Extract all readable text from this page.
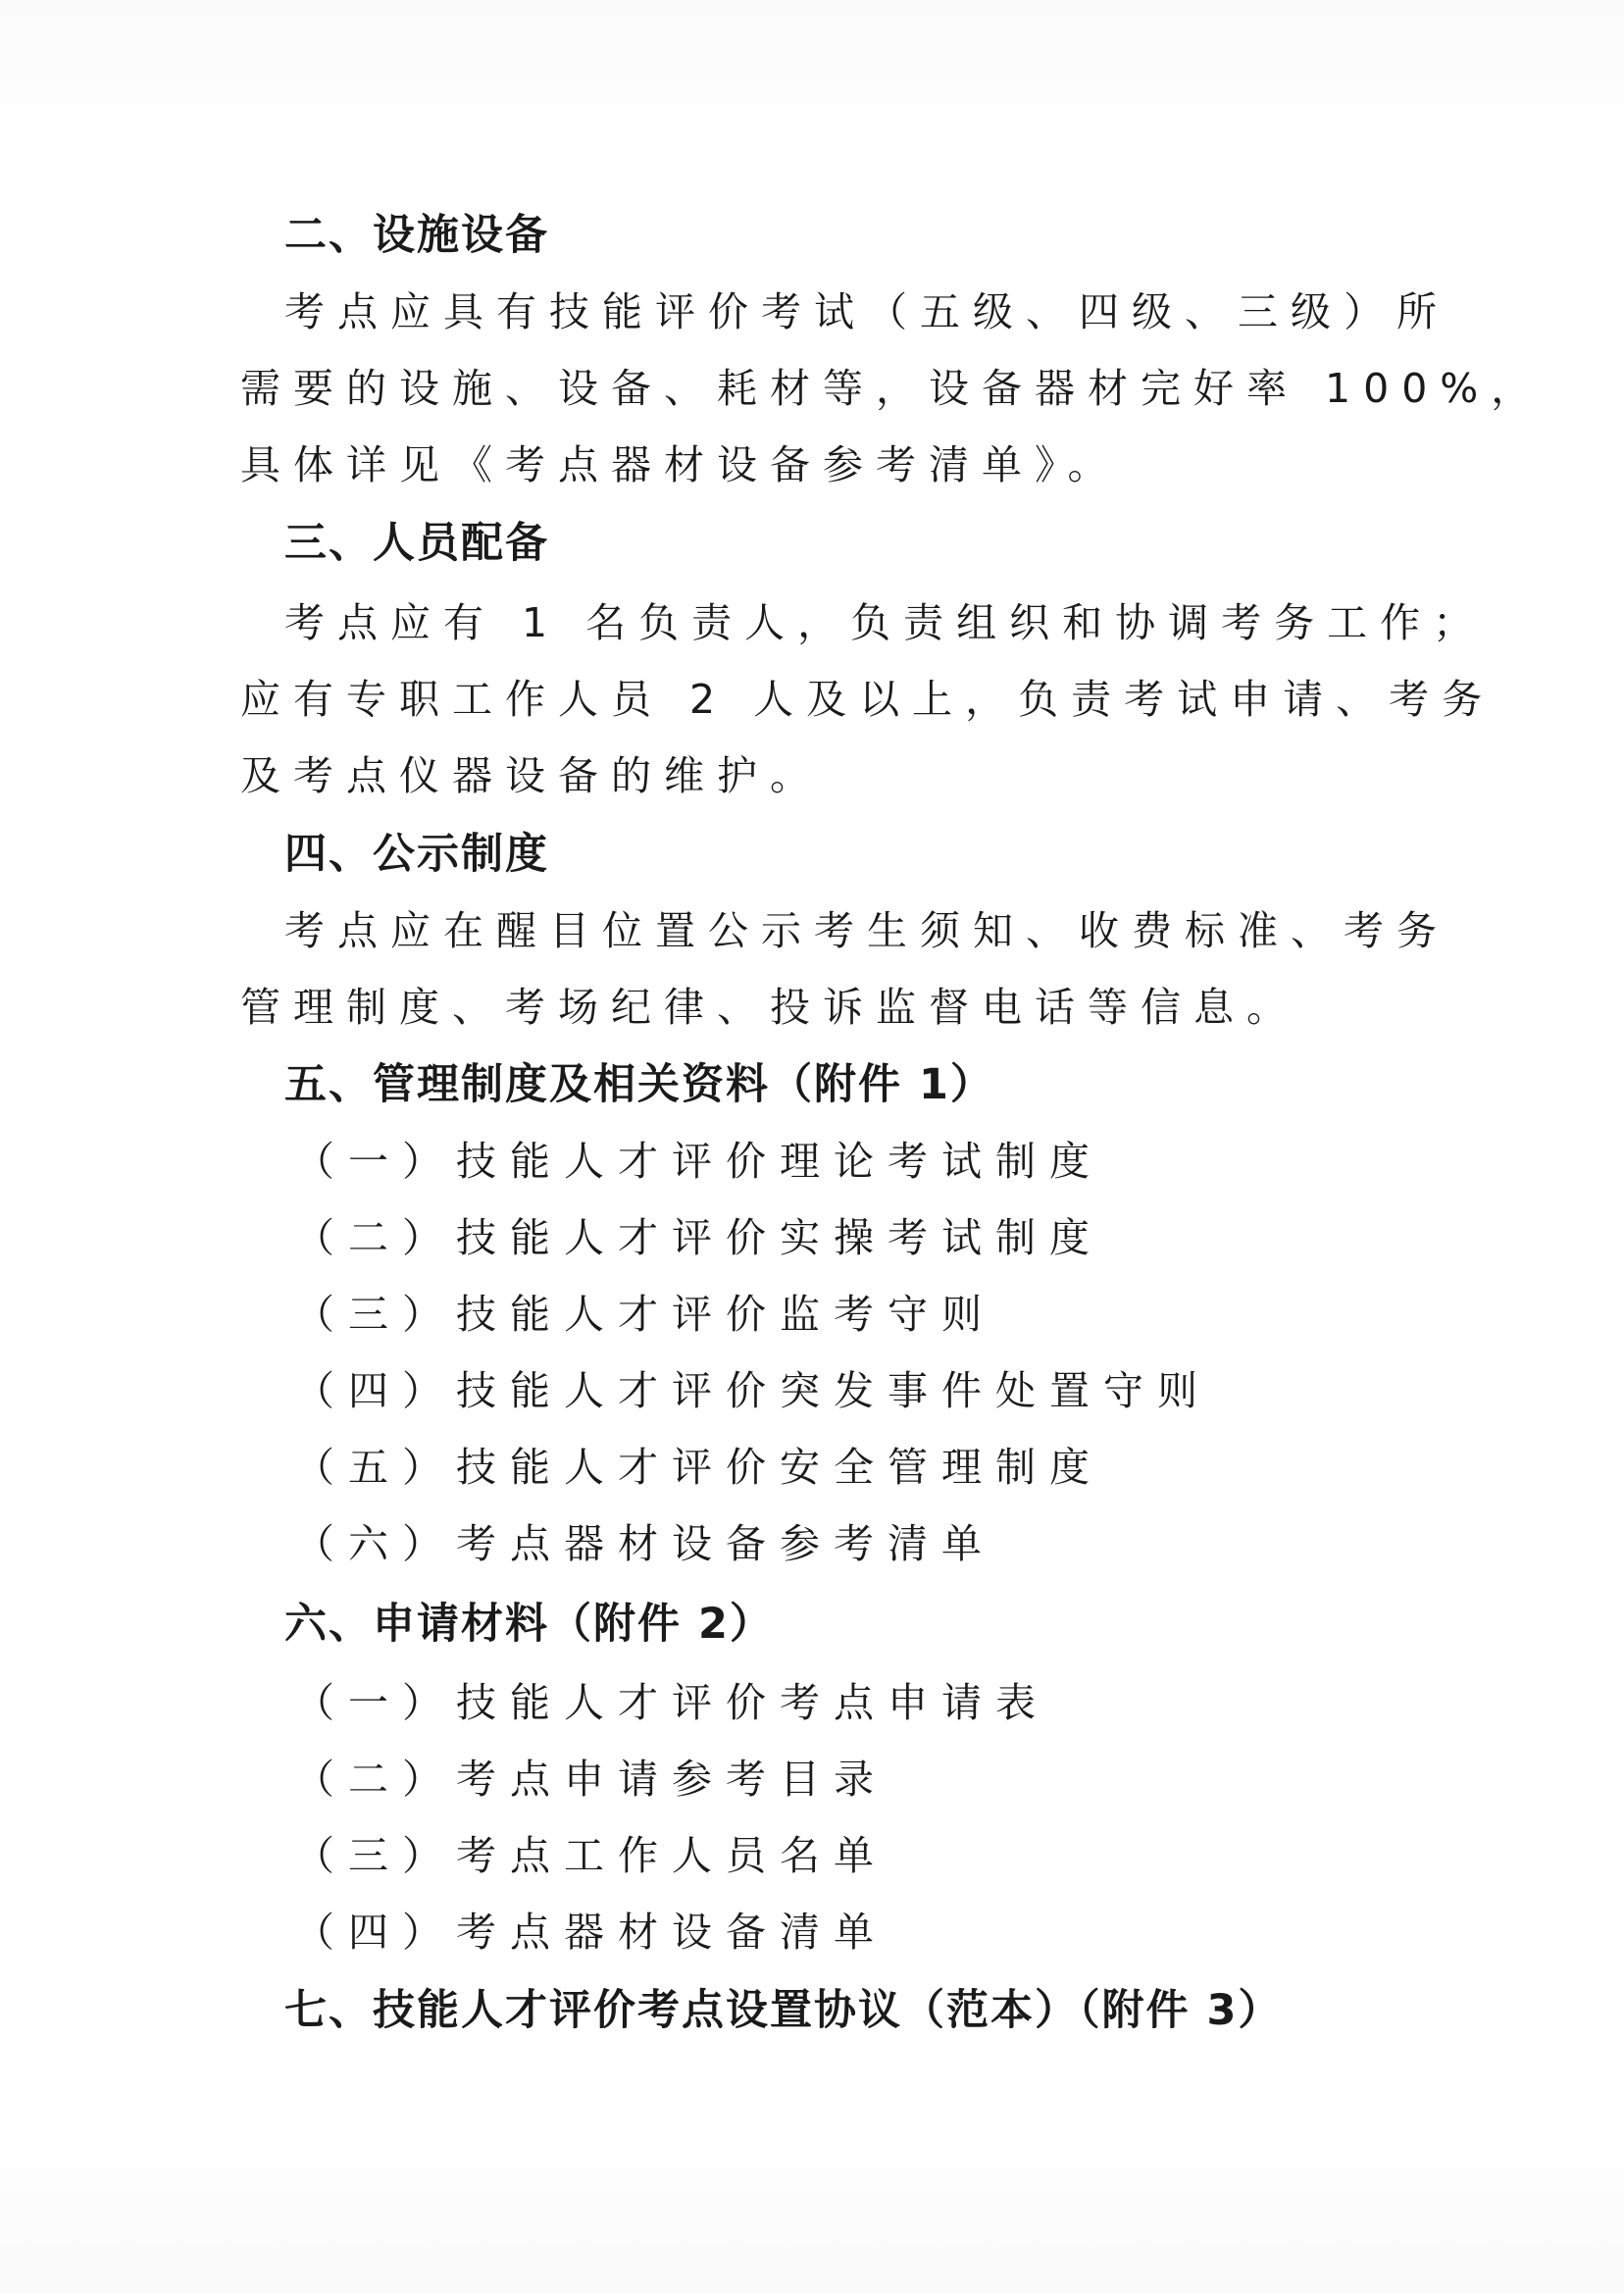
二、设施设备
考点应具有技能评价考试（五级、四级、三级）所
需要的设施、设备、耗材等，设备器材完好率 100%，
具体详见《考点器材设备参考清单》。
三、人员配备
考点应有 1 名负责人，负责组织和协调考务工作；
应有专职工作人员 2 人及以上，负责考试申请、考务
及考点仪器设备的维护。
四、公示制度
考点应在醒目位置公示考生须知、收费标准、考务
管理制度、考场纪律、投诉监督电话等信息。
五、管理制度及相关资料（附件 1）
（一）技能人才评价理论考试制度
（二）技能人才评价实操考试制度
（三）技能人才评价监考守则
（四）技能人才评价突发事件处置守则
（五）技能人才评价安全管理制度
（六）考点器材设备参考清单
六、申请材料（附件 2）
（一）技能人才评价考点申请表
（二）考点申请参考目录
（三）考点工作人员名单
（四）考点器材设备清单
七、技能人才评价考点设置协议（范本）（附件 3）
